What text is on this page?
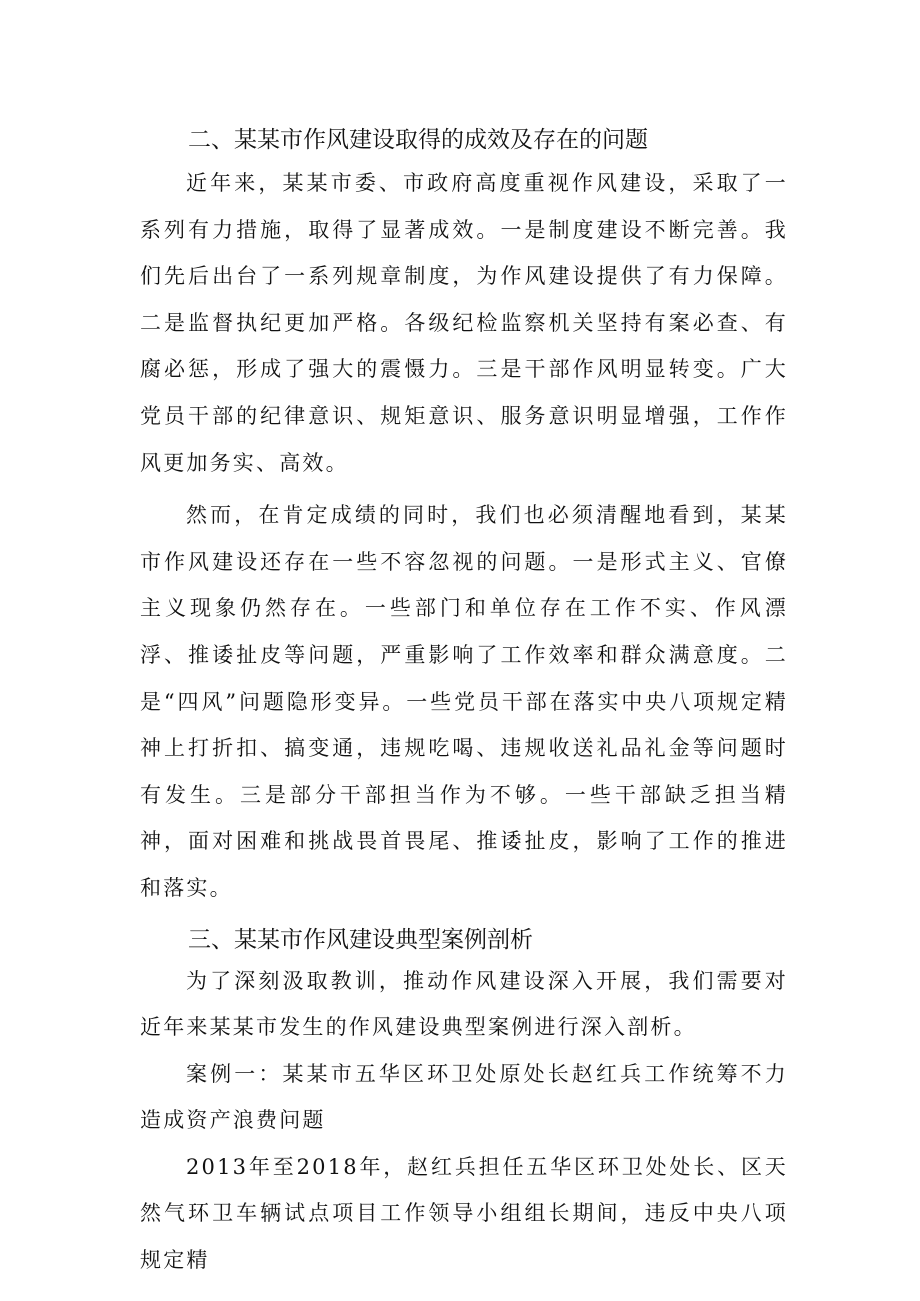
二、某某市作风建设取得的成效及存在的问题

近年来，某某市委、市政府高度重视作风建设，采取了一系列有力措施，取得了显著成效。一是制度建设不断完善。我们先后出台了一系列规章制度，为作风建设提供了有力保障。二是监督执纪更加严格。各级纪检监察机关坚持有案必查、有腐必惩，形成了强大的震慑力。三是干部作风明显转变。广大党员干部的纪律意识、规矩意识、服务意识明显增强，工作作风更加务实、高效。

然而，在肯定成绩的同时，我们也必须清醒地看到，某某市作风建设还存在一些不容忽视的问题。一是形式主义、官僚主义现象仍然存在。一些部门和单位存在工作不实、作风漂浮、推诿扯皮等问题，严重影响了工作效率和群众满意度。二是“四风”问题隐形变异。一些党员干部在落实中央八项规定精神上打折扣、搞变通，违规吃喝、违规收送礼品礼金等问题时有发生。三是部分干部担当作为不够。一些干部缺乏担当精神，面对困难和挑战畏首畏尾、推诿扯皮，影响了工作的推进和落实。

三、某某市作风建设典型案例剖析

为了深刻汲取教训，推动作风建设深入开展，我们需要对近年来某某市发生的作风建设典型案例进行深入剖析。

案例一：某某市五华区环卫处原处长赵红兵工作统筹不力造成资产浪费问题

2013年至2018年，赵红兵担任五华区环卫处处长、区天然气环卫车辆试点项目工作领导小组组长期间，违反中央八项规定精
